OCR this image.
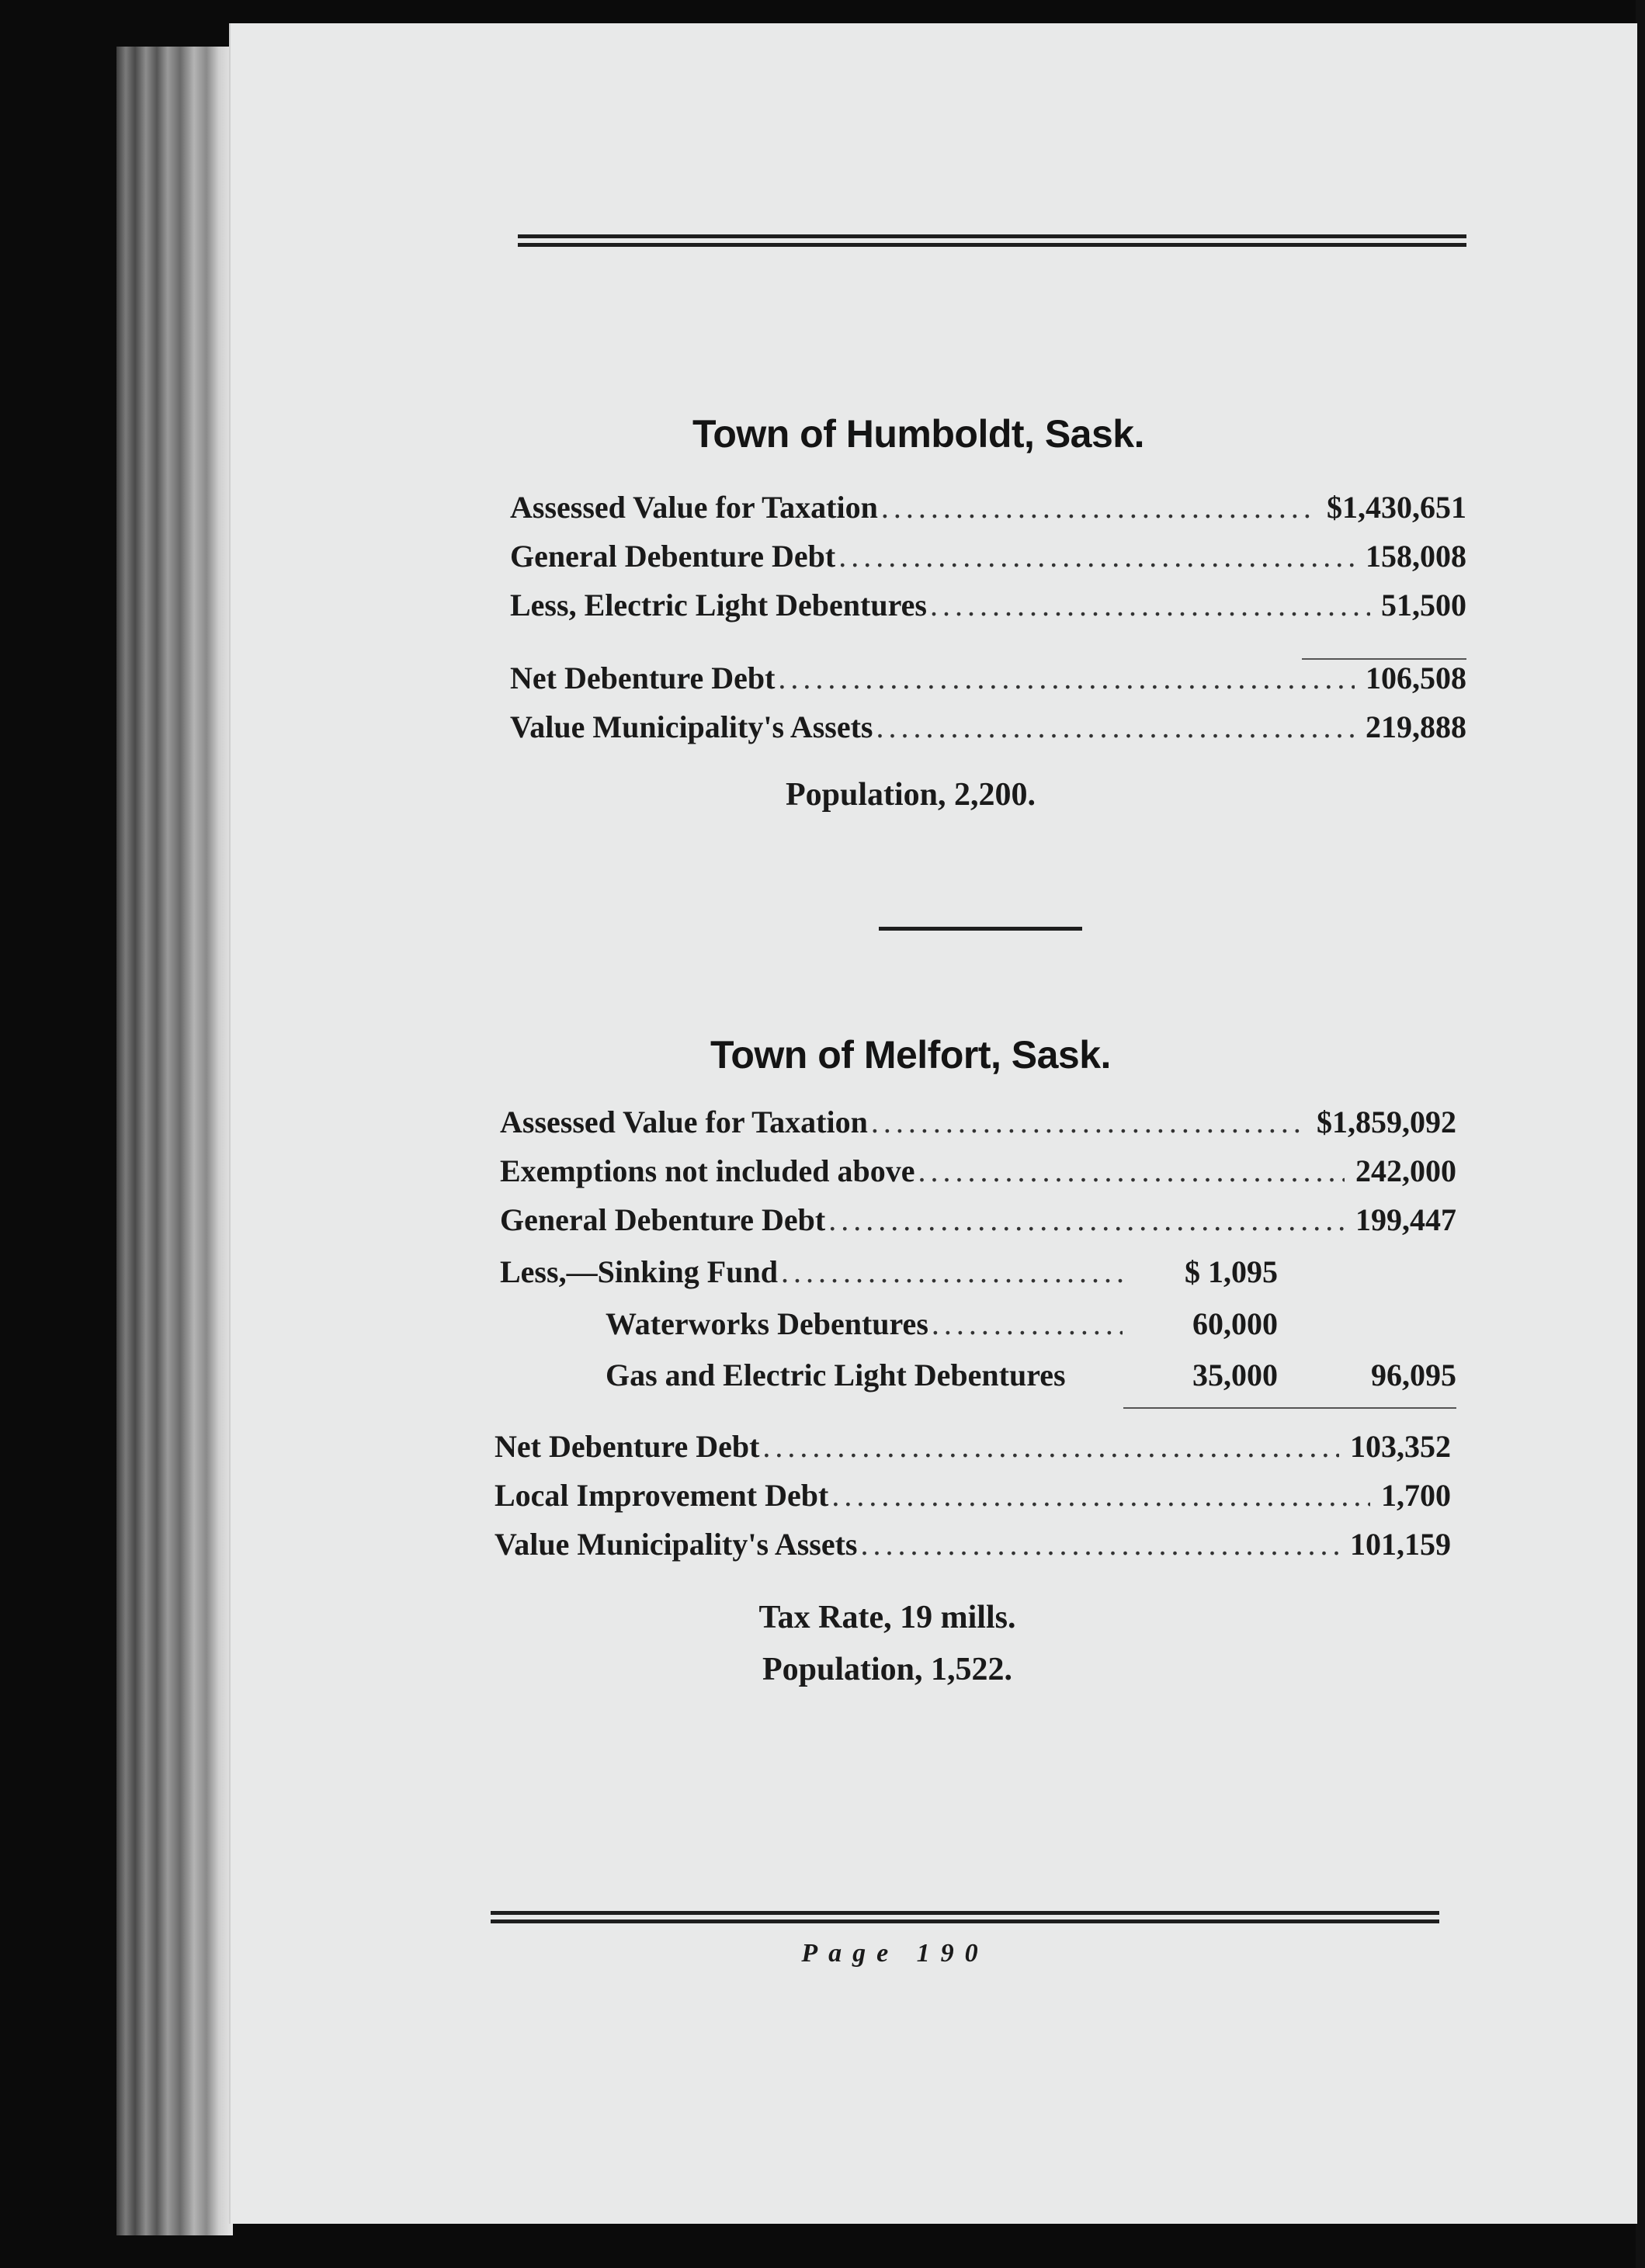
Town of Humboldt, Sask.
Assessed Value for Taxation .....	$1,430,651
General Debenture Debt .....	158,008
Less, Electric Light Debentures .....	51,500
Net Debenture Debt .....	106,508
Value Municipality's Assets .....	219,888
Population, 2,200.
Town of Melfort, Sask.
Assessed Value for Taxation .....	$1,859,092
Exemptions not included above .....	242,000
General Debenture Debt .....	199,447
Less,—Sinking Fund .....	$ 1,095
Waterworks Debentures .....	60,000
Gas and Electric Light Debentures	35,000	96,095
Net Debenture Debt .....	103,352
Local Improvement Debt .....	1,700
Value Municipality's Assets .....	101,159
Tax Rate, 19 mills.
Population, 1,522.
Page 190
